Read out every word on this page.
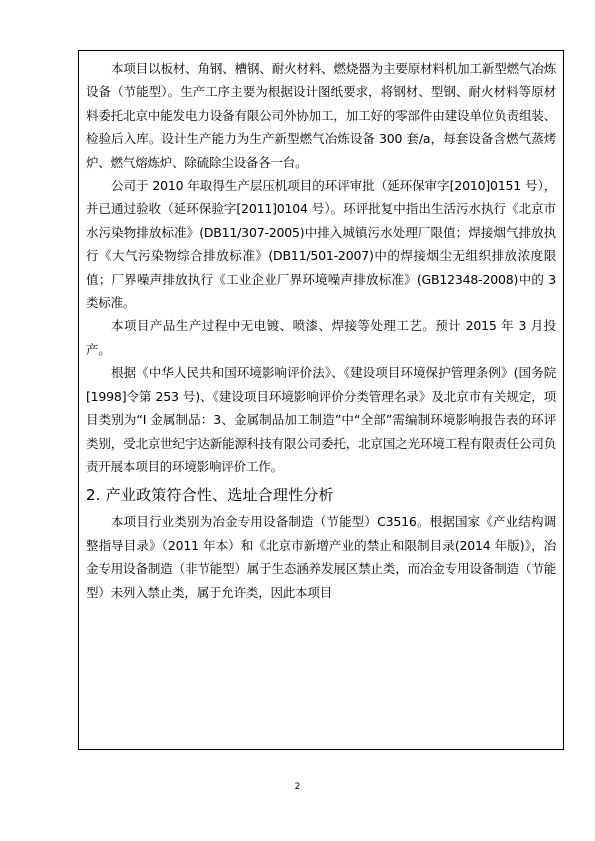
本项目以板材、角钢、槽钢、耐火材料、燃烧器为主要原材料机加工新型燃气冶炼设备（节能型）。生产工序主要为根据设计图纸要求，将钢材、型钢、耐火材料等原材料委托北京中能发电力设备有限公司外协加工，加工好的零部件由建设单位负责组装、检验后入库。设计生产能力为生产新型燃气冶炼设备 300 套/a，每套设备含燃气蒸烤炉、燃气熔炼炉、除硫除尘设备各一台。

公司于 2010 年取得生产层压机项目的环评审批（延环保审字[2010]0151 号），并已通过验收（延环保验字[2011]0104 号）。环评批复中指出生活污水执行《北京市水污染物排放标准》(DB11/307-2005)中排入城镇污水处理厂限值；焊接烟气排放执行《大气污染物综合排放标准》(DB11/501-2007)中的焊接烟尘无组织排放浓度限值；厂界噪声排放执行《工业企业厂界环境噪声排放标准》(GB12348-2008)中的 3 类标准。

本项目产品生产过程中无电镀、喷漆、焊接等处理工艺。预计 2015 年 3 月投产。

根据《中华人民共和国环境影响评价法》、《建设项目环境保护管理条例》(国务院[1998]令第 253 号)、《建设项目环境影响评价分类管理名录》及北京市有关规定，项目类别为“I 金属制品：3、金属制品加工制造”中“全部”需编制环境影响报告表的环评类别，受北京世纪宇达新能源科技有限公司委托，北京国之光环境工程有限责任公司负责开展本项目的环境影响评价工作。

2. 产业政策符合性、选址合理性分析

本项目行业类别为冶金专用设备制造（节能型）C3516。根据国家《产业结构调整指导目录》（2011 年本）和《北京市新增产业的禁止和限制目录(2014 年版)》，冶金专用设备制造（非节能型）属于生态涵养发展区禁止类，而冶金专用设备制造（节能型）未列入禁止类，属于允许类，因此本项目

2
